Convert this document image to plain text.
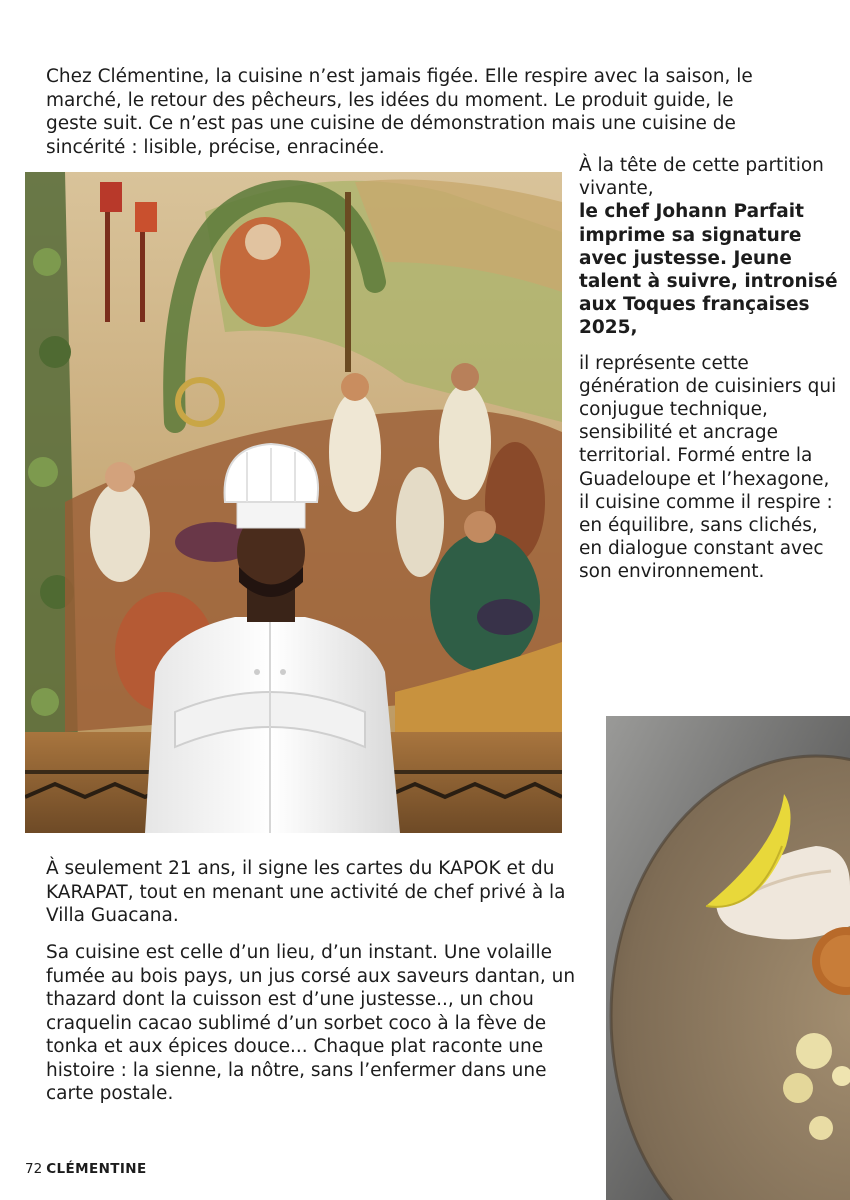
Chez Clémentine, la cuisine n’est jamais figée. Elle respire avec la saison, le marché, le retour des pêcheurs, les idées du moment. Le produit guide, le geste suit. Ce n’est pas une cuisine de démonstration mais une cuisine de sincérité : lisible, précise, enracinée.

À la tête de cette partition vivante,

le chef Johann Parfait imprime sa signature avec justesse. Jeune talent à suivre, intronisé aux Toques françaises 2025,

il représente cette génération de cuisiniers qui conjugue technique, sensibilité et ancrage territorial. Formé entre la Guadeloupe et l’hexagone, il cuisine comme il respire : en équilibre, sans clichés, en dialogue constant avec son environnement.

À seulement 21 ans, il signe les cartes du KAPOK et du KARAPAT, tout en menant une activité de chef privé à la Villa Guacana.

Sa cuisine est celle d’un lieu, d’un instant. Une volaille fumée au bois pays, un jus corsé aux saveurs dantan, un thazard dont la cuisson est d’une justesse.., un chou craquelin cacao sublimé d’un sorbet coco à la fève de tonka et aux épices douce... Chaque plat raconte une histoire : la sienne, la nôtre, sans l’enfermer dans une carte postale.

72 CLÉMENTINE
